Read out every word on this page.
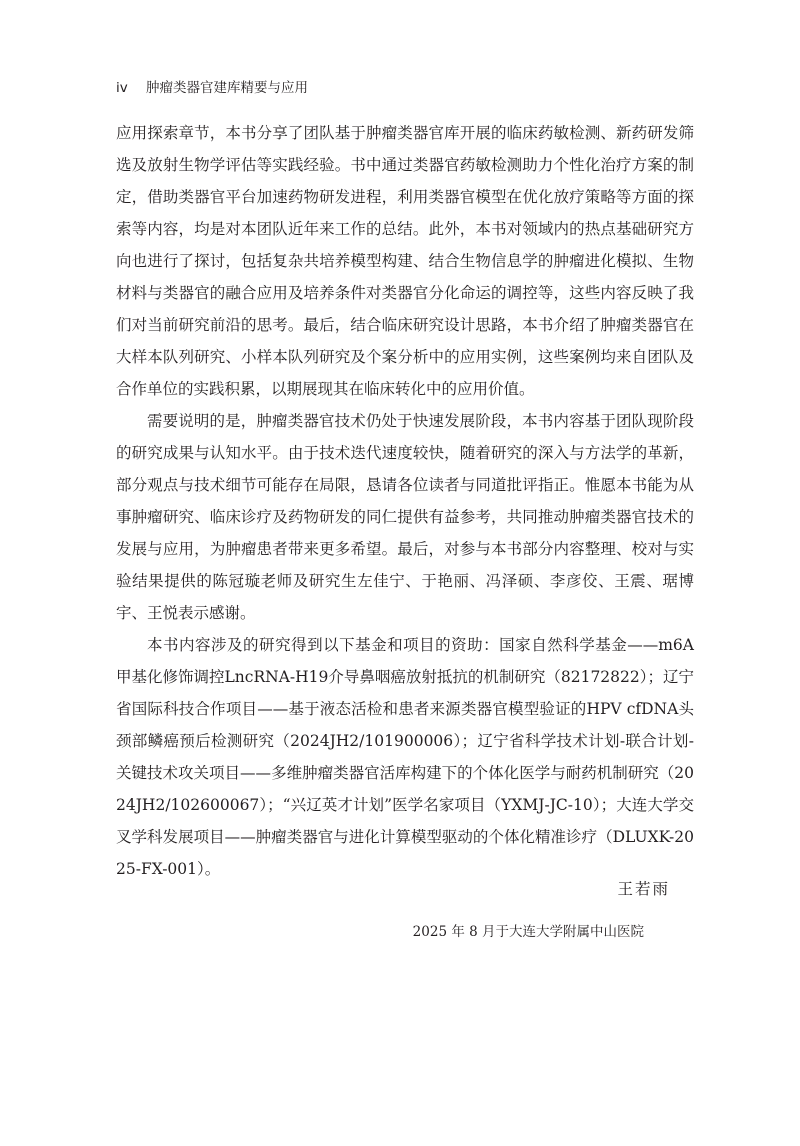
iv 肿瘤类器官建库精要与应用

应用探索章节，本书分享了团队基于肿瘤类器官库开展的临床药敏检测、新药研发筛选及放射生物学评估等实践经验。书中通过类器官药敏检测助力个性化治疗方案的制定，借助类器官平台加速药物研发进程，利用类器官模型在优化放疗策略等方面的探索等内容，均是对本团队近年来工作的总结。此外，本书对领域内的热点基础研究方向也进行了探讨，包括复杂共培养模型构建、结合生物信息学的肿瘤进化模拟、生物材料与类器官的融合应用及培养条件对类器官分化命运的调控等，这些内容反映了我们对当前研究前沿的思考。最后，结合临床研究设计思路，本书介绍了肿瘤类器官在大样本队列研究、小样本队列研究及个案分析中的应用实例，这些案例均来自团队及合作单位的实践积累，以期展现其在临床转化中的应用价值。

需要说明的是，肿瘤类器官技术仍处于快速发展阶段，本书内容基于团队现阶段的研究成果与认知水平。由于技术迭代速度较快，随着研究的深入与方法学的革新，部分观点与技术细节可能存在局限，恳请各位读者与同道批评指正。惟愿本书能为从事肿瘤研究、临床诊疗及药物研发的同仁提供有益参考，共同推动肿瘤类器官技术的发展与应用，为肿瘤患者带来更多希望。最后，对参与本书部分内容整理、校对与实验结果提供的陈冠璇老师及研究生左佳宁、于艳丽、冯泽硕、李彦佼、王震、琚博宇、王悦表示感谢。

本书内容涉及的研究得到以下基金和项目的资助：国家自然科学基金——m6A甲基化修饰调控LncRNA-H19介导鼻咽癌放射抵抗的机制研究（82172822）；辽宁省国际科技合作项目——基于液态活检和患者来源类器官模型验证的HPV cfDNA头颈部鳞癌预后检测研究（2024JH2/101900006）；辽宁省科学技术计划-联合计划-关键技术攻关项目——多维肿瘤类器官活库构建下的个体化医学与耐药机制研究（2024JH2/102600067）；“兴辽英才计划”医学名家项目（YXMJ-JC-10）；大连大学交叉学科发展项目——肿瘤类器官与进化计算模型驱动的个体化精准诊疗（DLUXK-2025-FX-001）。

王若雨
2025 年 8 月于大连大学附属中山医院
